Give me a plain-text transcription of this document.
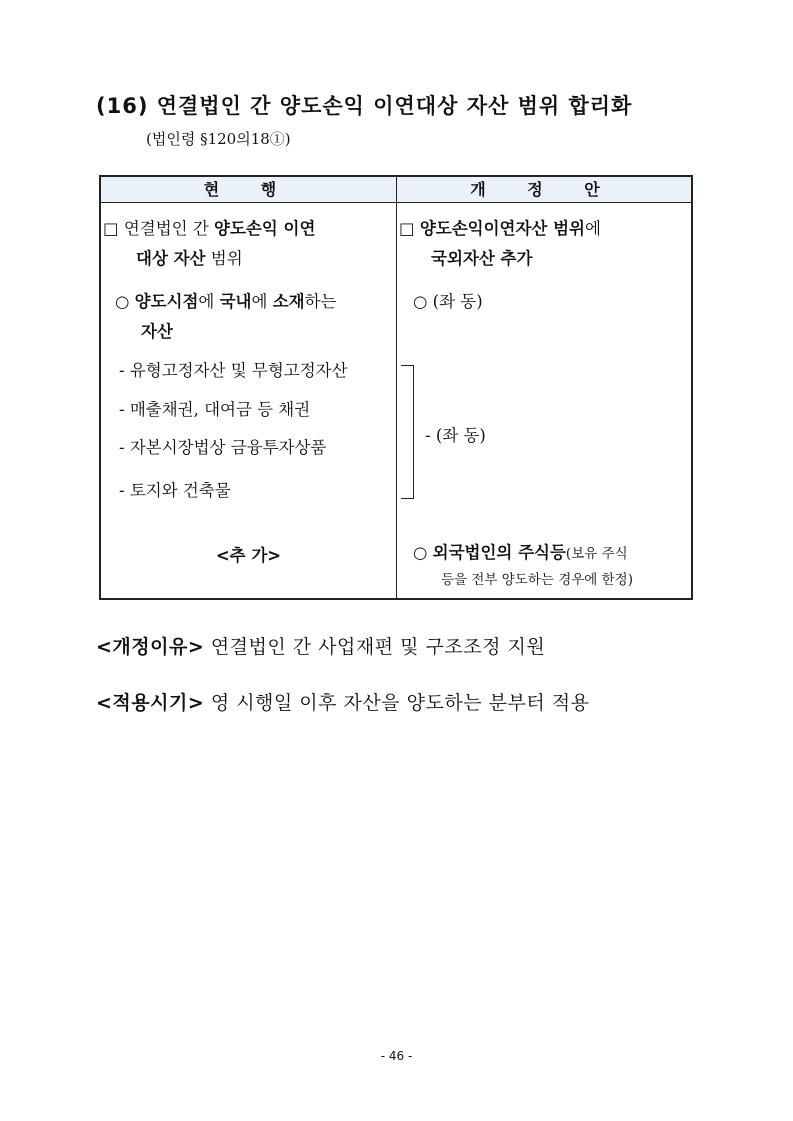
(16) 연결법인 간 양도손익 이연대상 자산 범위 합리화
(법인령 §120의18①)
현 행	개 정 안
□ 연결법인 간 양도손익 이연
대상 자산 범위
○ 양도시점에 국내에 소재하는
자산
- 유형고정자산 및 무형고정자산
- 매출채권, 대여금 등 채권
- 자본시장법상 금융투자상품
- 토지와 건축물
<추 가>
□ 양도손익이연자산 범위에
국외자산 추가
○ (좌 동)
- (좌 동)
○ 외국법인의 주식등(보유 주식
등을 전부 양도하는 경우에 한정)
<개정이유> 연결법인 간 사업재편 및 구조조정 지원
<적용시기> 영 시행일 이후 자산을 양도하는 분부터 적용
- 46 -
